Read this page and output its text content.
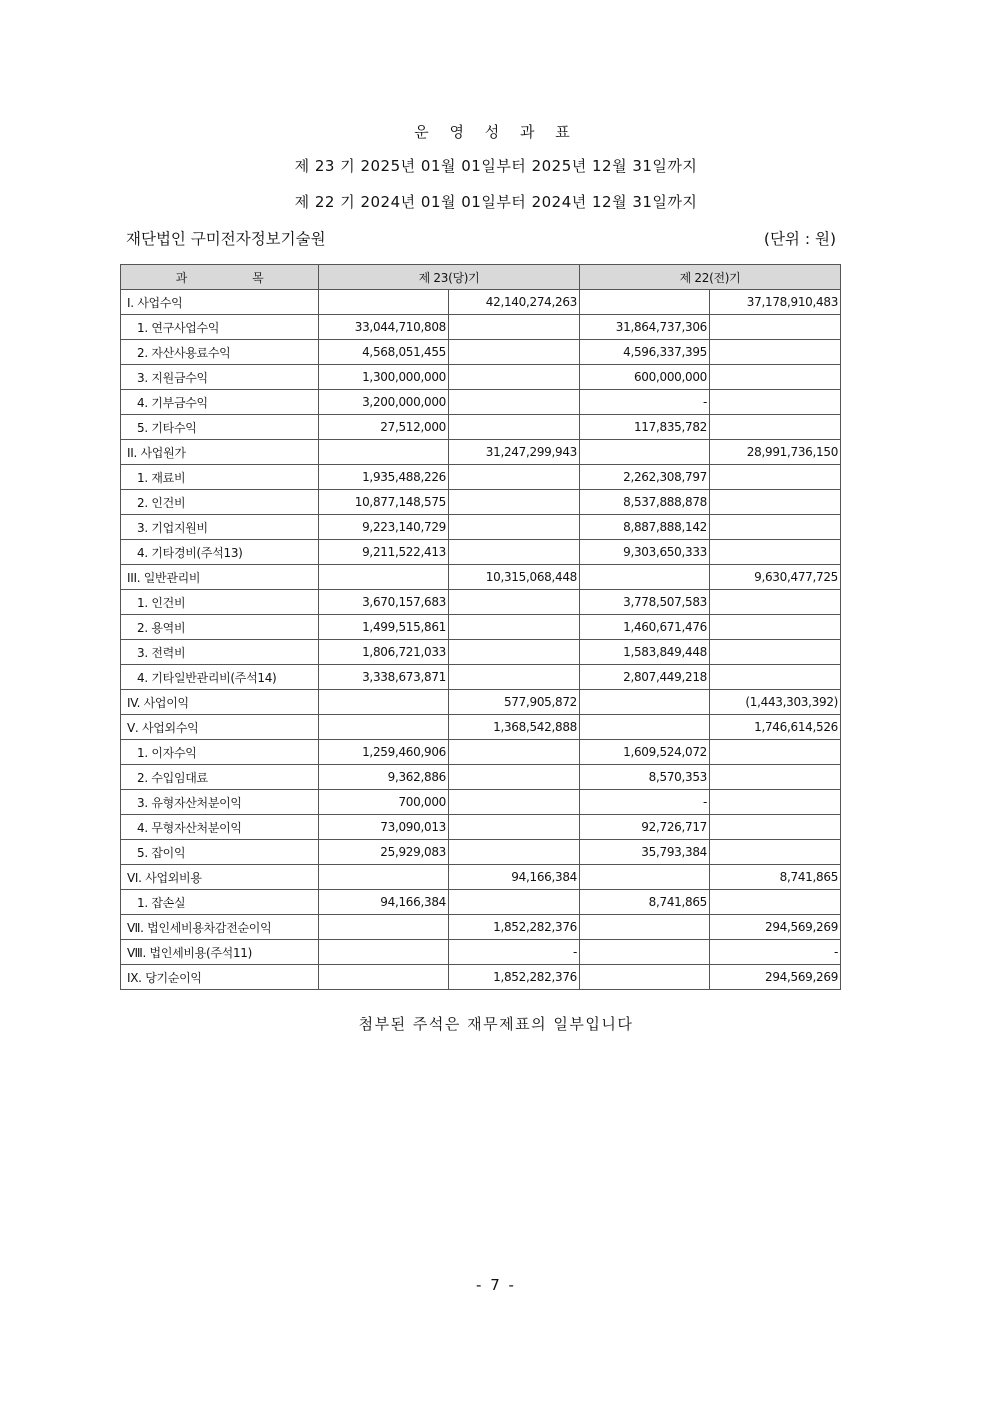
운 영 성 과 표
제 23 기 2025년 01월 01일부터 2025년 12월 31일까지
제 22 기 2024년 01월 01일부터 2024년 12월 31일까지
재단법인 구미전자정보기술원	(단위 : 원)
과 목	제 23(당)기		제 22(전)기	
Ⅰ. 사업수익		42,140,274,263		37,178,910,483
1. 연구사업수익	33,044,710,808		31,864,737,306	
2. 자산사용료수익	4,568,051,455		4,596,337,395	
3. 지원금수익	1,300,000,000		600,000,000	
4. 기부금수익	3,200,000,000		-	
5. 기타수익	27,512,000		117,835,782	
II. 사업원가		31,247,299,943		28,991,736,150
1. 재료비	1,935,488,226		2,262,308,797	
2. 인건비	10,877,148,575		8,537,888,878	
3. 기업지원비	9,223,140,729		8,887,888,142	
4. 기타경비(주석13)	9,211,522,413		9,303,650,333	
III. 일반관리비		10,315,068,448		9,630,477,725
1. 인건비	3,670,157,683		3,778,507,583	
2. 용역비	1,499,515,861		1,460,671,476	
3. 전력비	1,806,721,033		1,583,849,448	
4. 기타일반관리비(주석14)	3,338,673,871		2,807,449,218	
IV. 사업이익		577,905,872		(1,443,303,392)
Ⅴ. 사업외수익		1,368,542,888		1,746,614,526
1. 이자수익	1,259,460,906		1,609,524,072	
2. 수입임대료	9,362,886		8,570,353	
3. 유형자산처분이익	700,000		-	
4. 무형자산처분이익	73,090,013		92,726,717	
5. 잡이익	25,929,083		35,793,384	
VI. 사업외비용		94,166,384		8,741,865
1. 잡손실	94,166,384		8,741,865	
Ⅶ. 법인세비용차감전순이익		1,852,282,376		294,569,269
Ⅷ. 법인세비용(주석11)		-		-
IX. 당기순이익		1,852,282,376		294,569,269
첨부된 주석은 재무제표의 일부입니다
- 7 -
